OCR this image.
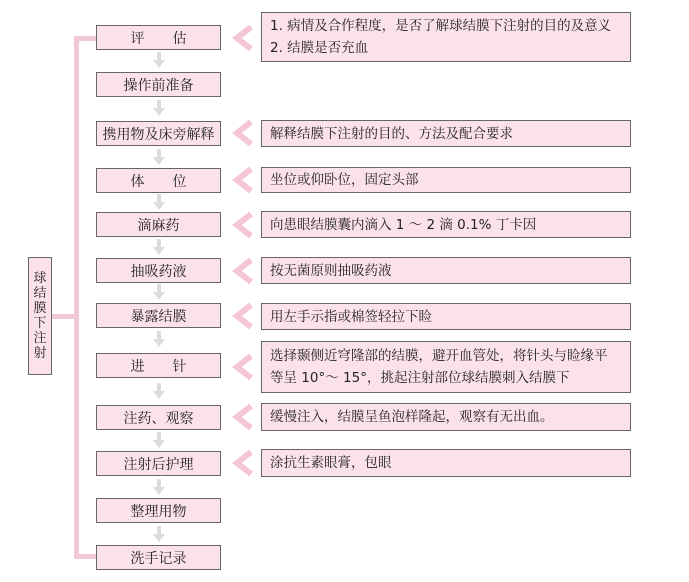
球结膜下注射
评　　估
操作前准备
携用物及床旁解释
体　　位
滴麻药
抽吸药液
暴露结膜
进　　针
注药、观察
注射后护理
整理用物
洗手记录
1. 病情及合作程度，是否了解球结膜下注射的目的及意义
2. 结膜是否充血
解释结膜下注射的目的、方法及配合要求
坐位或仰卧位，固定头部
向患眼结膜囊内滴入 1 ～ 2 滴 0.1% 丁卡因
按无菌原则抽吸药液
用左手示指或棉签轻拉下睑
选择颞侧近穹隆部的结膜，避开血管处，将针头与睑缘平
等呈 10°～ 15°，挑起注射部位球结膜刺入结膜下
缓慢注入，结膜呈鱼泡样隆起，观察有无出血。
涂抗生素眼膏，包眼
